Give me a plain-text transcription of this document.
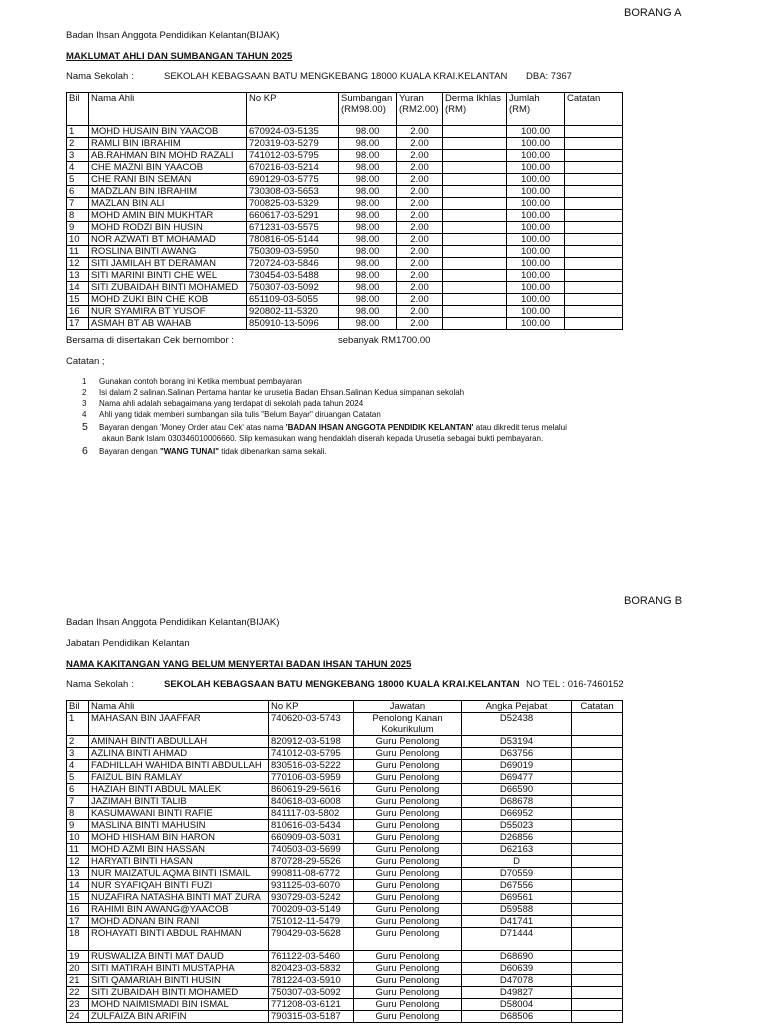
BORANG A
Badan Ihsan Anggota Pendidikan Kelantan(BIJAK)
MAKLUMAT AHLI DAN SUMBANGAN TAHUN 2025
Nama Sekolah :	SEKOLAH KEBAGSAAN BATU MENGKEBANG 18000 KUALA KRAI.KELANTAN DBA: 7367
Bil	Nama Ahli	No KP	Sumbangan (RM98.00)	Yuran (RM2.00)	Derma Ikhlas (RM)	Jumlah (RM)	Catatan
1	MOHD HUSAIN BIN YAACOB	670924-03-5135	98.00	2.00		100.00	
2	RAMLI BIN IBRAHIM	720319-03-5279	98.00	2.00		100.00	
3	AB.RAHMAN BIN MOHD RAZALI	741012-03-5795	98.00	2.00		100.00	
4	CHE MAZNI BIN YAACOB	670216-03-5214	98.00	2.00		100.00	
5	CHE RANI BIN SEMAN	690129-03-5775	98.00	2.00		100.00	
6	MADZLAN BIN IBRAHIM	730308-03-5653	98.00	2.00		100.00	
7	MAZLAN BIN ALI	700825-03-5329	98.00	2.00		100.00	
8	MOHD AMIN BIN MUKHTAR	660617-03-5291	98.00	2.00		100.00	
9	MOHD RODZI BIN HUSIN	671231-03-5575	98.00	2.00		100.00	
10	NOR AZWATI BT MOHAMAD	780816-05-5144	98.00	2.00		100.00	
11	ROSLINA BINTI AWANG	750309-03-5950	98.00	2.00		100.00	
12	SITI JAMILAH BT DERAMAN	720724-03-5846	98.00	2.00		100.00	
13	SITI MARINI BINTI CHE WEL	730454-03-5488	98.00	2.00		100.00	
14	SITI ZUBAIDAH BINTI MOHAMED	750307-03-5092	98.00	2.00		100.00	
15	MOHD ZUKI BIN CHE KOB	651109-03-5055	98.00	2.00		100.00	
16	NUR SYAMIRA BT YUSOF	920802-11-5320	98.00	2.00		100.00	
17	ASMAH BT AB WAHAB	850910-13-5096	98.00	2.00		100.00	
Bersama di disertakan Cek bernombor :	sebanyak RM1700.00
Catatan ;
1	Gunakan contoh borang ini Ketika membuat pembayaran
2	Isi dalam 2 salinan.Salinan Pertama hantar ke urusetia Badan Ehsan.Salinan Kedua simpanan sekolah
3	Nama ahli adalah sebagaimana yang terdapat di sekolah pada tahun 2024
4	Ahli yang tidak memberi sumbangan sila tulis "Belum Bayar" diruangan Catatan
5	Bayaran dengan 'Money Order atau Cek' atas nama 'BADAN IHSAN ANGGOTA PENDIDIK KELANTAN' atau dikredit terus melalui
akaun Bank Islam 030346010006660. Slip kemasukan wang hendaklah diserah kepada Urusetia sebagai bukti pembayaran.
6	Bayaran dengan "WANG TUNAI" tidak dibenarkan sama sekali.
BORANG B
Badan Ihsan Anggota Pendidikan Kelantan(BIJAK)
Jabatan Pendidikan Kelantan
NAMA KAKITANGAN YANG BELUM MENYERTAI BADAN IHSAN TAHUN 2025
Nama Sekolah :	SEKOLAH KEBAGSAAN BATU MENGKEBANG 18000 KUALA KRAI.KELANTAN NO TEL : 016-7460152
Bil	Nama Ahli	No KP	Jawatan	Angka Pejabat	Catatan
1	MAHASAN BIN JAAFFAR	740620-03-5743	Penolong Kanan Kokurikulum	D52438	
2	AMINAH BINTI ABDULLAH	820912-03-5198	Guru Penolong	D53194	
3	AZLINA BINTI AHMAD	741012-03-5795	Guru Penolong	D63756	
4	FADHILLAH WAHIDA BINTI ABDULLAH	830516-03-5222	Guru Penolong	D69019	
5	FAIZUL BIN RAMLAY	770106-03-5959	Guru Penolong	D69477	
6	HAZIAH BINTI ABDUL MALEK	860619-29-5616	Guru Penolong	D66590	
7	JAZIMAH BINTI TALIB	840618-03-6008	Guru Penolong	D68678	
8	KASUMAWANI BINTI RAFIE	841117-03-5802	Guru Penolong	D66952	
9	MASLINA BINTI MAHUSIN	810616-03-5434	Guru Penolong	D55023	
10	MOHD HISHAM BIN HARON	660909-03-5031	Guru Penolong	D26856	
11	MOHD AZMI BIN HASSAN	740503-03-5699	Guru Penolong	D62163	
12	HARYATI BINTI HASAN	870728-29-5526	Guru Penolong	D	
13	NUR MAIZATUL AQMA BINTI ISMAIL	990811-08-6772	Guru Penolong	D70559	
14	NUR SYAFIQAH BINTI FUZI	931125-03-6070	Guru Penolong	D67556	
15	NUZAFIRA NATASHA BINTI MAT ZURA	930729-03-5242	Guru Penolong	D69561	
16	RAHIMI BIN AWANG@YAACOB	700209-03-5149	Guru Penolong	D59588	
17	MOHD ADNAN BIN RANI	751012-11-5479	Guru Penolong	D41741	
18	ROHAYATI BINTI ABDUL RAHMAN	790429-03-5628	Guru Penolong	D71444	
19	RUSWALIZA BINTI MAT DAUD	761122-03-5460	Guru Penolong	D68690	
20	SITI MATIRAH BINTI MUSTAPHA	820423-03-5832	Guru Penolong	D60639	
21	SITI QAMARIAH BINTI HUSIN	781224-03-5910	Guru Penolong	D47078	
22	SITI ZUBAIDAH BINTI MOHAMED	750307-03-5092	Guru Penolong	D49827	
23	MOHD NAIMISMADI BIN ISMAL	771208-03-6121	Guru Penolong	D58004	
24	ZULFAIZA BIN ARIFIN	790315-03-5187	Guru Penolong	D68506	
